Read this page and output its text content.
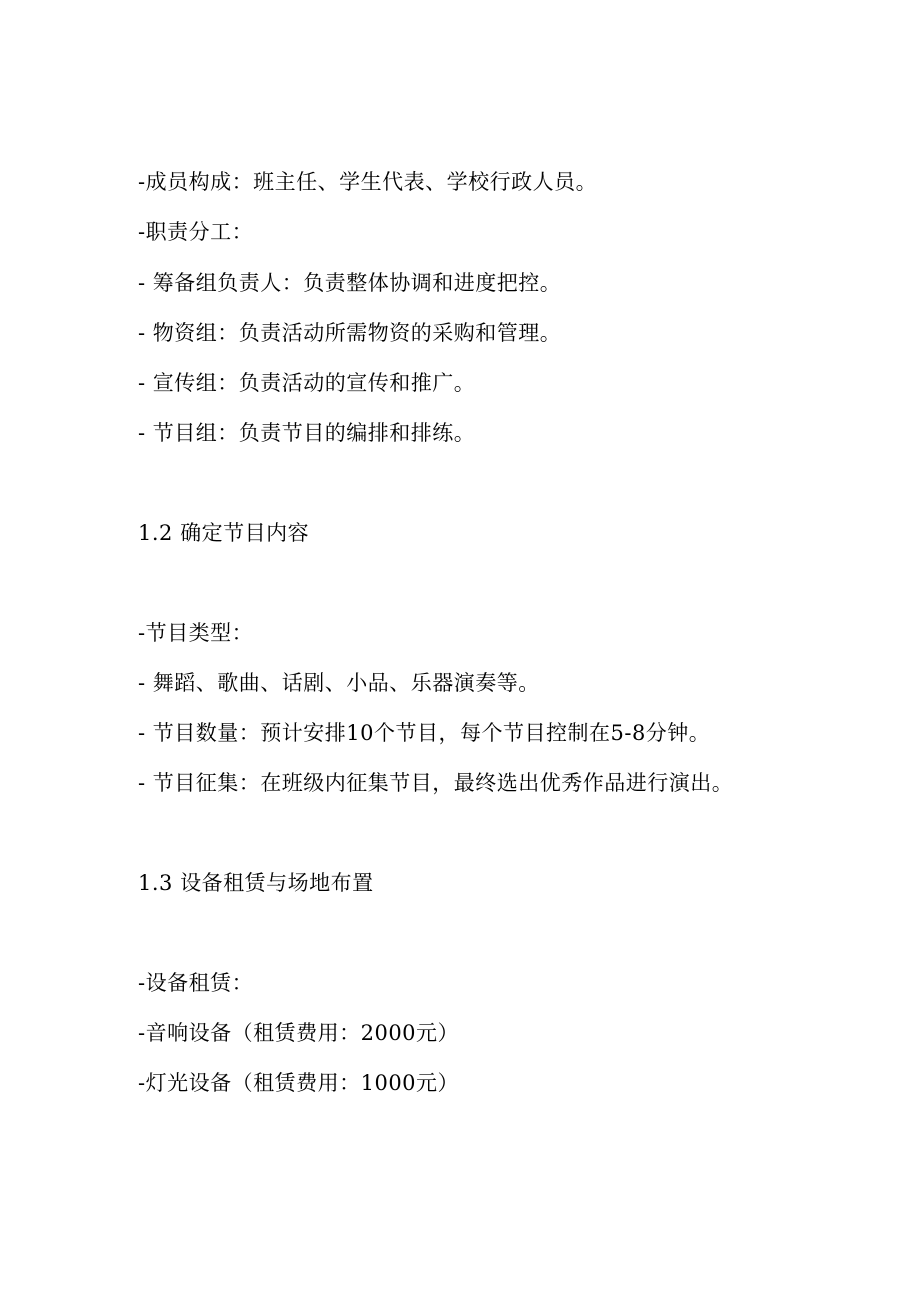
-成员构成：班主任、学生代表、学校行政人员。
-职责分工：
- 筹备组负责人：负责整体协调和进度把控。
- 物资组：负责活动所需物资的采购和管理。
- 宣传组：负责活动的宣传和推广。
- 节目组：负责节目的编排和排练。
1.2 确定节目内容
-节目类型：
- 舞蹈、歌曲、话剧、小品、乐器演奏等。
- 节目数量：预计安排10个节目，每个节目控制在5-8分钟。
- 节目征集：在班级内征集节目，最终选出优秀作品进行演出。
1.3 设备租赁与场地布置
-设备租赁：
-音响设备（租赁费用：2000元）
-灯光设备（租赁费用：1000元）
